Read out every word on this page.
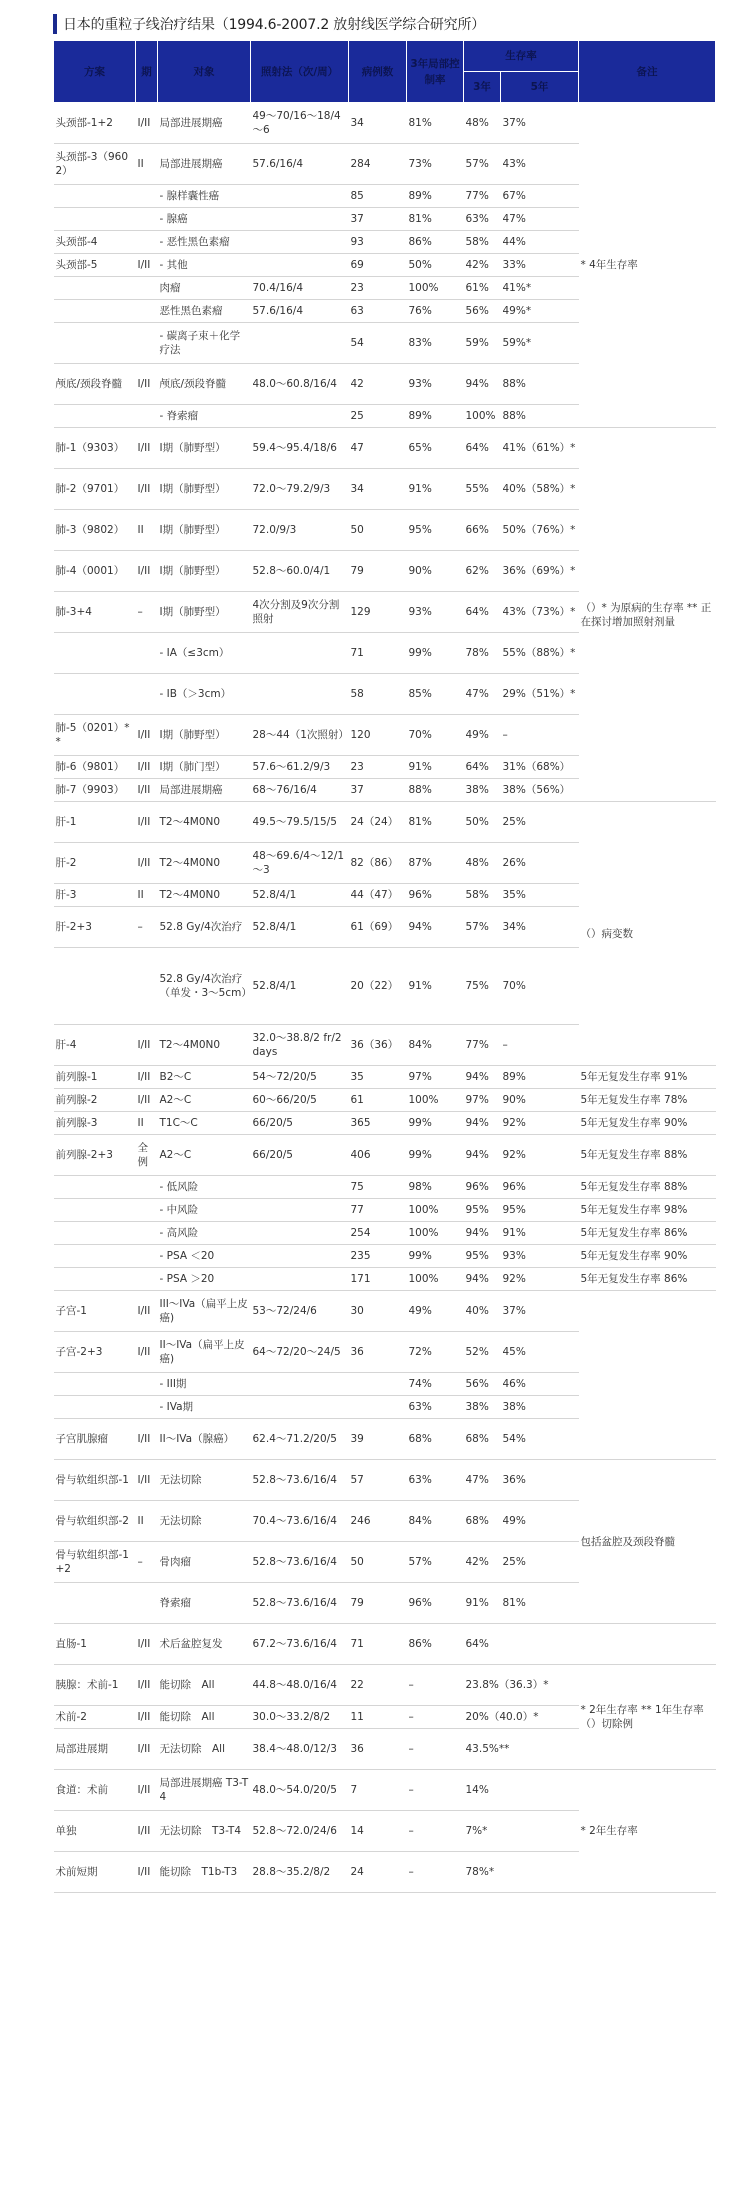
日本的重粒子线治疗结果（1994.6-2007.2 放射线医学综合研究所）
方案	期	对象	照射法（次/周）	病例数	3年局部控制率	生存率		备注
						3年	5年	
头颈部-1+2	I/II	局部进展期癌	49～70/16～18/4～6	34	81%	48%	37%	* 4年生存率
头颈部-3（9602）	II	局部进展期癌	57.6/16/4	284	73%	57%	43%	
		- 腺样囊性癌		85	89%	77%	67%	
		- 腺癌		37	81%	63%	47%	
头颈部-4		- 恶性黑色素瘤		93	86%	58%	44%	
头颈部-5	I/II	- 其他		69	50%	42%	33%	
		肉瘤	70.4/16/4	23	100%	61%	41%*	
		恶性黑色素瘤	57.6/16/4	63	76%	56%	49%*	
		- 碳离子束＋化学疗法		54	83%	59%	59%*	
颅底/颈段脊髓	I/II	颅底/颈段脊髓	48.0～60.8/16/4	42	93%	94%	88%	
		- 脊索瘤		25	89%	100%	88%	
肺-1（9303）	I/II	I期（肺野型）	59.4～95.4/18/6	47	65%	64%	41%（61%）*	（）* 为原病的生存率 ** 正在探讨增加照射剂量
肺-2（9701）	I/II	I期（肺野型）	72.0～79.2/9/3	34	91%	55%	40%（58%）*	
肺-3（9802）	II	I期（肺野型）	72.0/9/3	50	95%	66%	50%（76%）*	
肺-4（0001）	I/II	I期（肺野型）	52.8～60.0/4/1	79	90%	62%	36%（69%）*	
肺-3+4	–	I期（肺野型）	4次分割及9次分割照射	129	93%	64%	43%（73%）*	
		- IA（≤3cm）		71	99%	78%	55%（88%）*	
		- IB（＞3cm）		58	85%	47%	29%（51%）*	
肺-5（0201）**	I/II	I期（肺野型）	28～44（1次照射）	120	70%	49%	–	
肺-6（9801）	I/II	I期（肺门型）	57.6～61.2/9/3	23	91%	64%	31%（68%）	
肺-7（9903）	I/II	局部进展期癌	68～76/16/4	37	88%	38%	38%（56%）	
肝-1	I/II	T2～4M0N0	49.5～79.5/15/5	24（24）	81%	50%	25%	（）病变数
肝-2	I/II	T2～4M0N0	48～69.6/4～12/1～3	82（86）	87%	48%	26%	
肝-3	II	T2～4M0N0	52.8/4/1	44（47）	96%	58%	35%	
肝-2+3	–	52.8 Gy/4次治疗	52.8/4/1	61（69）	94%	57%	34%	
		52.8 Gy/4次治疗（单发・3～5cm）	52.8/4/1	20（22）	91%	75%	70%	
肝-4	I/II	T2～4M0N0	32.0～38.8/2 fr/2 days	36（36）	84%	77%	–	
前列腺-1	I/II	B2～C	54～72/20/5	35	97%	94%	89%	5年无复发生存率 91%
前列腺-2	I/II	A2～C	60～66/20/5	61	100%	97%	90%	5年无复发生存率 78%
前列腺-3	II	T1C～C	66/20/5	365	99%	94%	92%	5年无复发生存率 90%
前列腺-2+3	全例	A2～C	66/20/5	406	99%	94%	92%	5年无复发生存率 88%
		- 低风险		75	98%	96%	96%	5年无复发生存率 88%
		- 中风险		77	100%	95%	95%	5年无复发生存率 98%
		- 高风险		254	100%	94%	91%	5年无复发生存率 86%
		- PSA ＜20		235	99%	95%	93%	5年无复发生存率 90%
		- PSA ＞20		171	100%	94%	92%	5年无复发生存率 86%
子宫-1	I/II	III～IVa（扁平上皮癌)	53～72/24/6	30	49%	40%	37%	
子宫-2+3	I/II	II～IVa（扁平上皮癌)	64～72/20～24/5	36	72%	52%	45%	
		- III期			74%	56%	46%	
		- IVa期			63%	38%	38%	
子宫肌腺瘤	I/II	II～IVa（腺癌）	62.4～71.2/20/5	39	68%	68%	54%	
骨与软组织部-1	I/II	无法切除	52.8～73.6/16/4	57	63%	47%	36%	包括盆腔及颈段脊髓
骨与软组织部-2	II	无法切除	70.4～73.6/16/4	246	84%	68%	49%	
骨与软组织部-1+2	–	骨肉瘤	52.8～73.6/16/4	50	57%	42%	25%	
		脊索瘤	52.8～73.6/16/4	79	96%	91%	81%	
直肠-1	I/II	术后盆腔复发	67.2～73.6/16/4	71	86%	64%		
胰腺：术前-1	I/II	能切除　All	44.8～48.0/16/4	22	–	23.8%（36.3）*		* 2年生存率 ** 1年生存率 （）切除例
术前-2	I/II	能切除　All	30.0～33.2/8/2	11	–	20%（40.0）*		
局部进展期	I/II	无法切除　All	38.4～48.0/12/3	36	–	43.5%**		
食道：术前	I/II	局部进展期癌 T3-T4	48.0～54.0/20/5	7	–	14%		* 2年生存率
单独	I/II	无法切除　T3-T4	52.8～72.0/24/6	14	–	7%*		
术前短期	I/II	能切除　T1b-T3	28.8～35.2/8/2	24	–	78%*		
